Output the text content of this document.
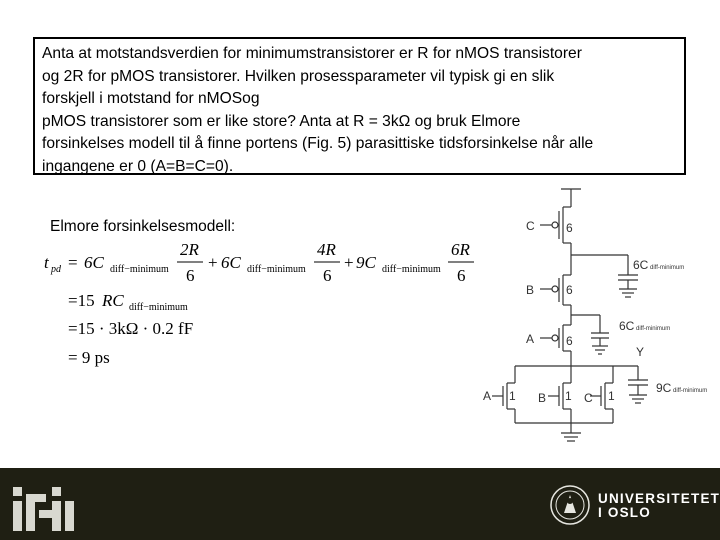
Anta at motstandsverdien for minimumstransistorer er R for nMOS transistorer
og 2R for pMOS transistorer. Hvilken prosessparameter vil typisk gi en slik
forskjell i motstand for nMOSog
pMOS transistorer som er like store? Anta at R = 3kΩ og bruk Elmore
forsinkelses modell til å finne portens (Fig. 5) parasittiske tidsforsinkelse når alle
ingangene er 0 (A=B=C=0).
Elmore forsinkelsesmodell:
t pd = 6C diff−minimum
2R
6
+ 6C diff−minimum
4R
6
+ 9C diff−minimum
6R
6
=15 RC diff−minimum
=15 · 3kΩ · 0.2 fF
= 9 ps
C	6
B	6
A	6
6C diff-minimum
6C diff-minimum
Y
9C diff-minimum
A 1 B 1 C 1
UNIVERSITETET
I OSLO
